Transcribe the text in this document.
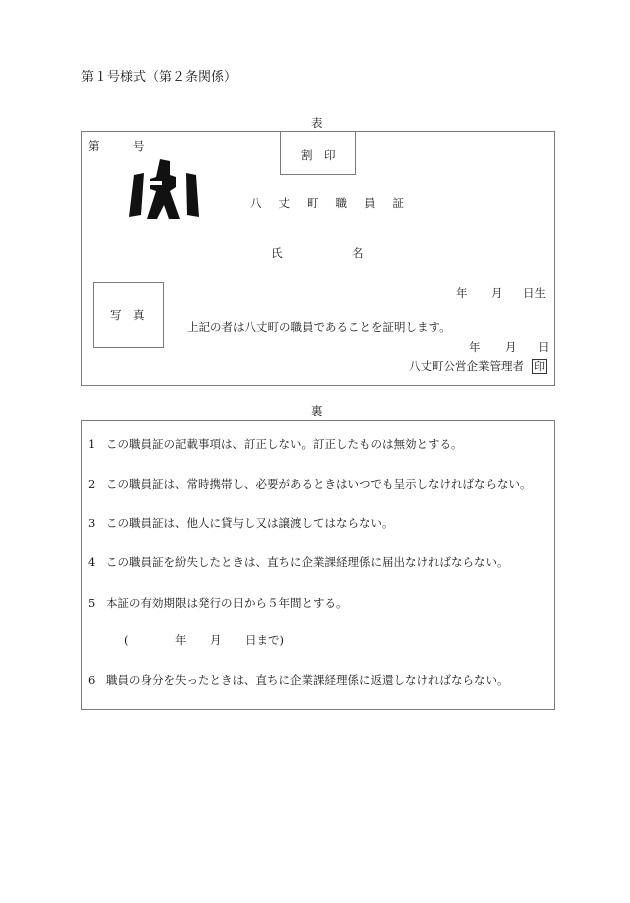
第１号様式（第２条関係）
表
第	号
割　印
八丈町職員証
氏	名
写　真
年 月 日生
上記の者は八丈町の職員であることを証明します。
年 月 日
八丈町公営企業管理者 印
裏
1 この職員証の記載事項は、訂正しない。訂正したものは無効とする。
2 この職員証は、常時携帯し、必要があるときはいつでも呈示しなければならない。
3 この職員証は、他人に貸与し又は譲渡してはならない。
4 この職員証を紛失したときは、直ちに企業課経理係に届出なければならない。
5 本証の有効期限は発行の日から５年間とする。
(	年 月 日まで)
6 職員の身分を失ったときは、直ちに企業課経理係に返還しなければならない。
